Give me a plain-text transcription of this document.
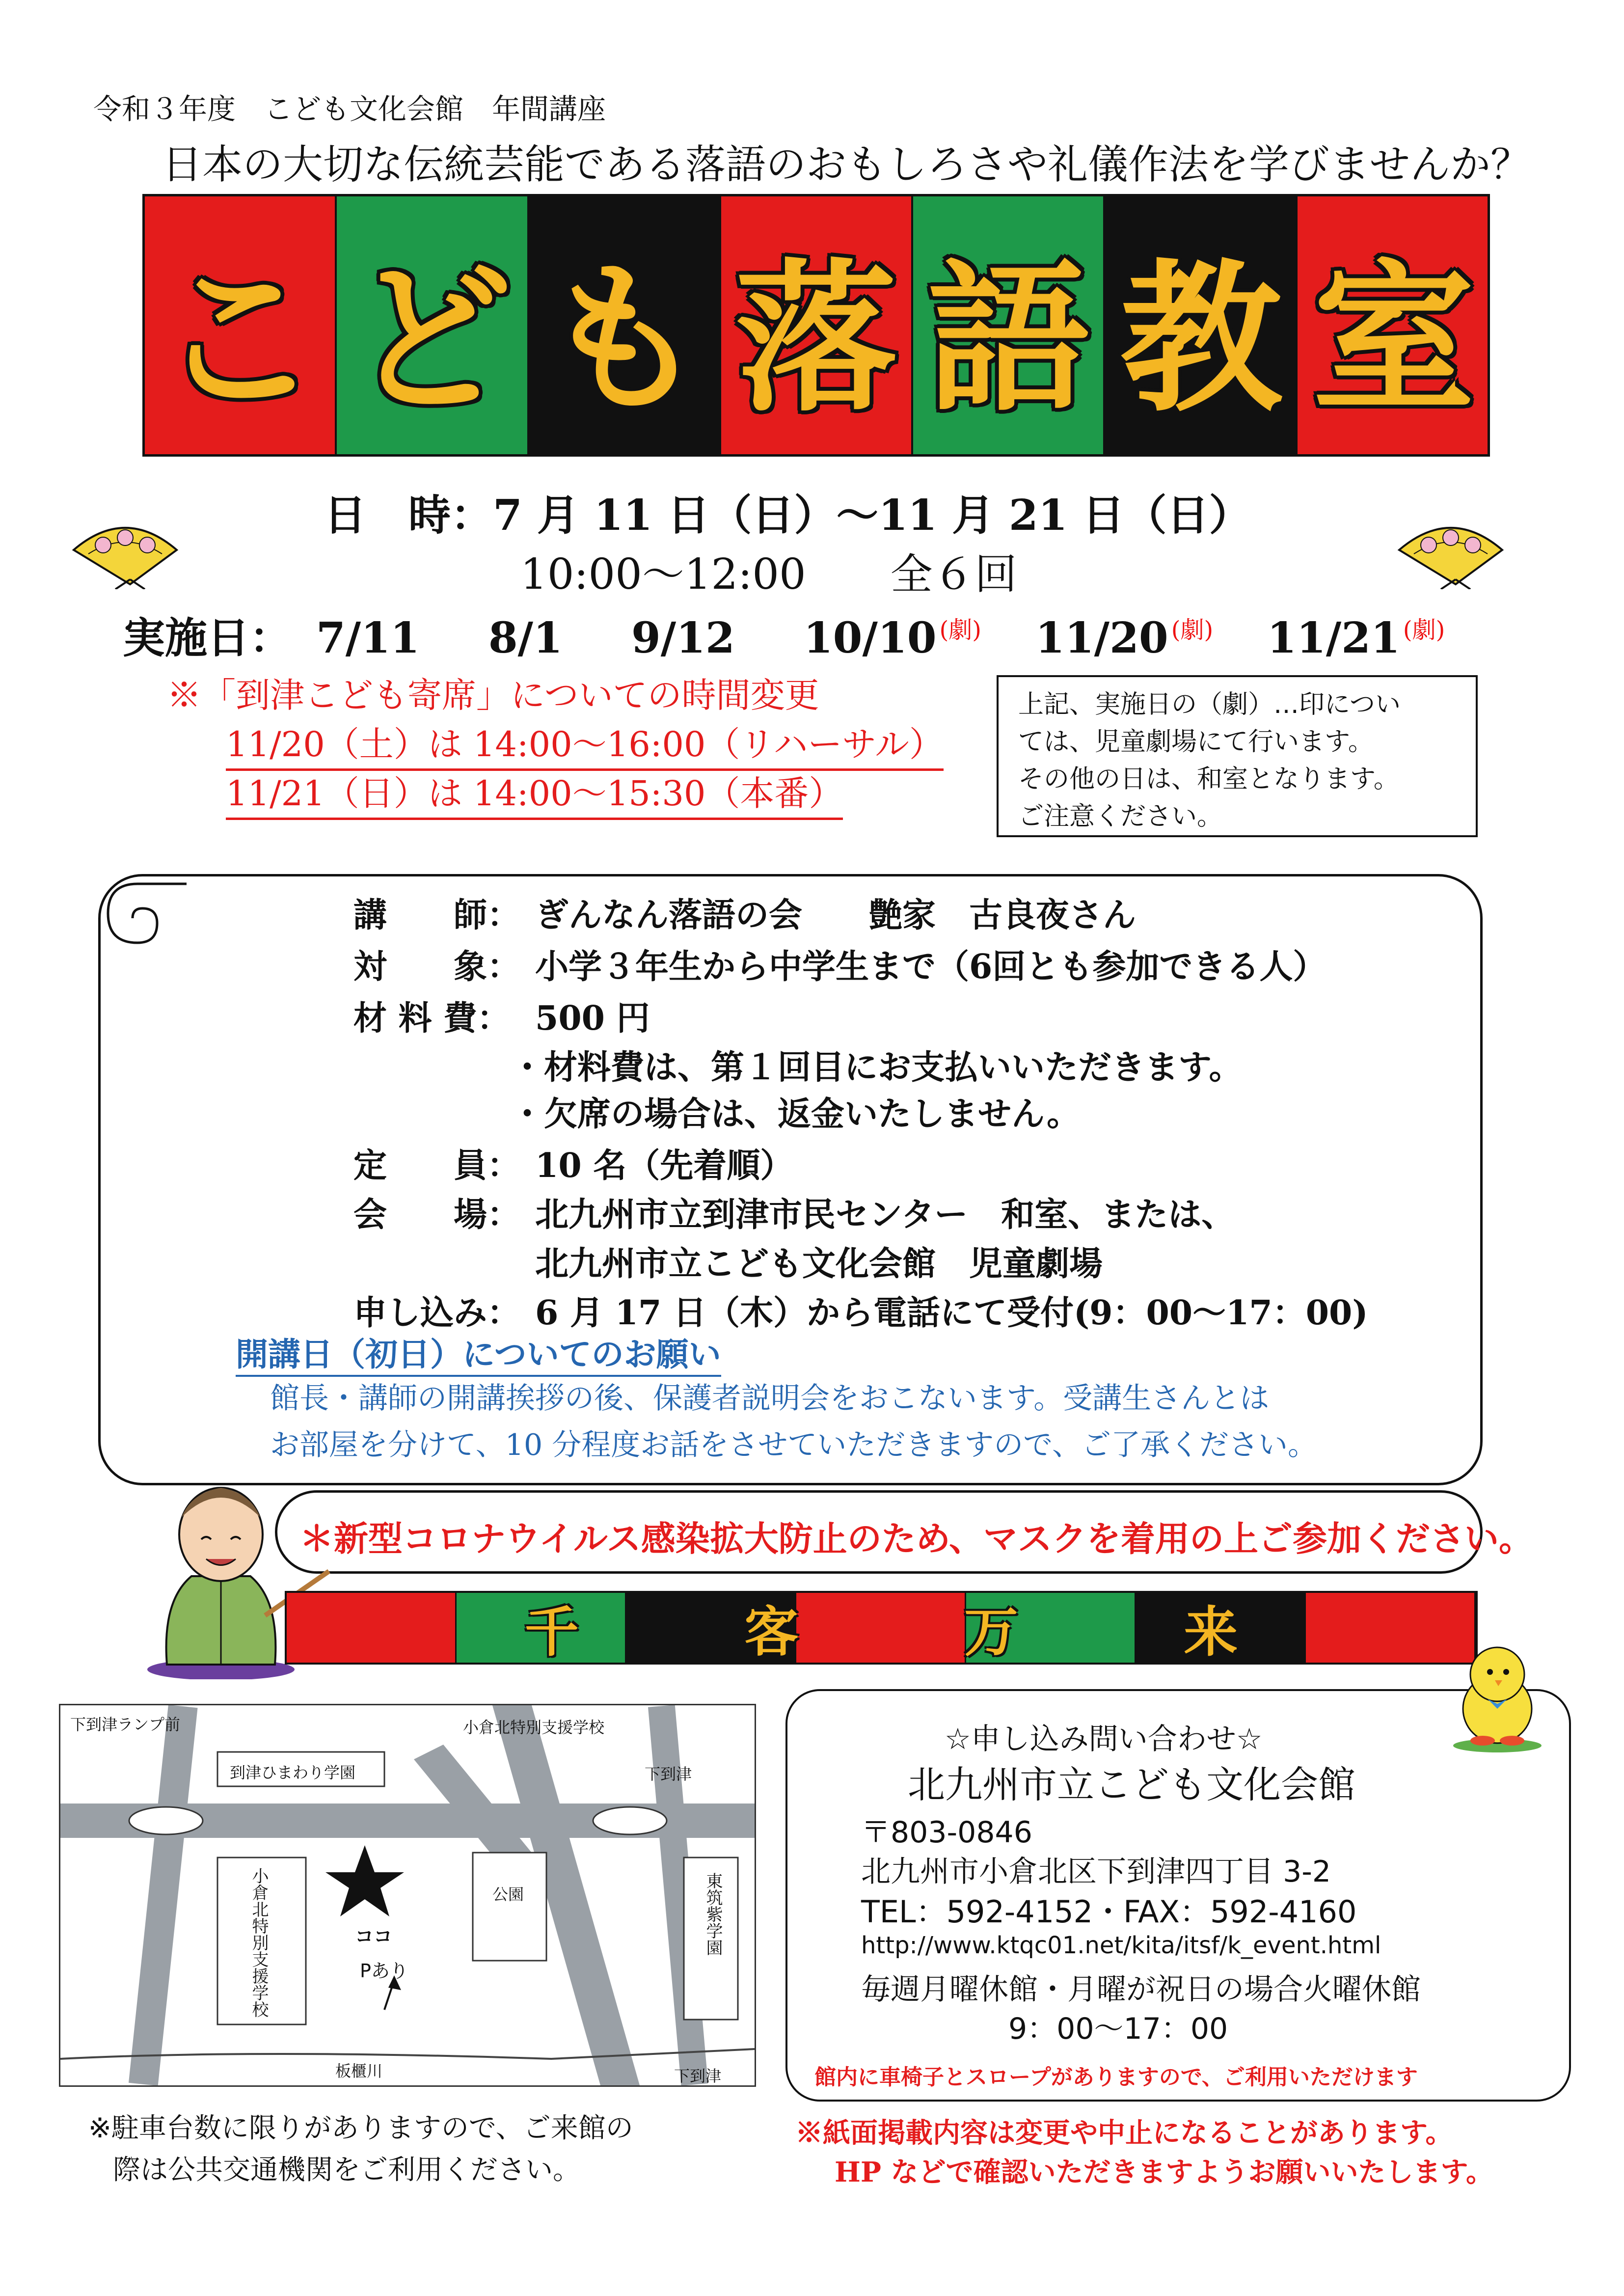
令和３年度　こども文化会館　年間講座
日本の大切な伝統芸能である落語のおもしろさや礼儀作法を学びませんか？
こ ど も 落 語 教 室
日　時：7 月 11 日（日）～11 月 21 日（日）
10:00～12:00　　全６回
実施日： 7/11 8/1 9/12 10/10 $^{(劇)}$ 11/20 $^{(劇)}$ 11/21 $^{(劇)}$
※「到津こども寄席」についての時間変更
11/20（土）は 14:00～16:00（リハーサル）
11/21（日）は 14:00～15:30（本番）
上記、実施日の（劇）…印につい
ては、児童劇場にて行います。
その他の日は、和室となります。
ご注意ください。
講　　師： ぎんなん落語の会　　艶家　古良夜さん
対　　象： 小学３年生から中学生まで（6回とも参加できる人）
材 料 費： 500 円
・材料費は、第１回目にお支払いいただきます。
・欠席の場合は、返金いたしません。
定　　員： 10 名（先着順）
会　　場： 北九州市立到津市民センター　和室、または、
北九州市立こども文化会館　児童劇場
申し込み： 6 月 17 日（木）から電話にて受付(9：00～17：00)
開講日（初日）についてのお願い
館長・講師の開講挨拶の後、保護者説明会をおこないます。受講生さんとは
お部屋を分けて、10 分程度お話をさせていただきますので、ご了承ください。
＊新型コロナウイルス感染拡大防止のため、マスクを着用の上ご参加ください。
千	客	万	来
下到津ランプ前	小倉北特別支援学校
到津ひまわり学園	下到津
小倉北特別支援学校	ココ
Pあり
公園	東筑紫学園
板櫃川	下到津
※駐車台数に限りがありますので、ご来館の
際は公共交通機関をご利用ください。
☆申し込み問い合わせ☆
北九州市立こども文化会館
〒803-0846
北九州市小倉北区下到津四丁目 3-2
TEL：592-4152・FAX：592-4160
http://www.ktqc01.net/kita/itsf/k_event.html
毎週月曜休館・月曜が祝日の場合火曜休館
9：00～17：00
館内に車椅子とスロープがありますので、ご利用いただけます
※紙面掲載内容は変更や中止になることがあります。
HP などで確認いただきますようお願いいたします。
